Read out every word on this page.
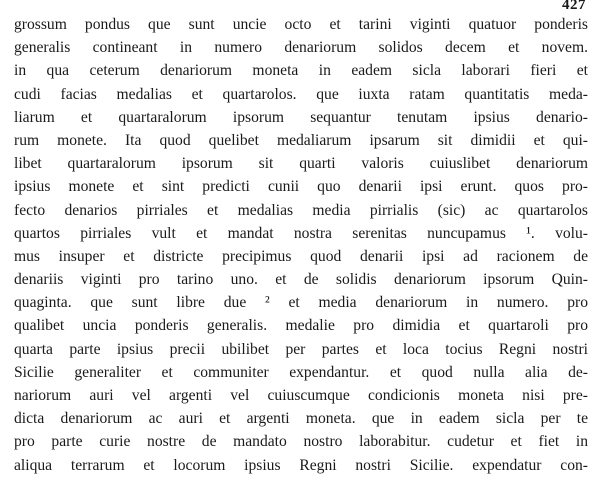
427
grossum pondus que sunt uncie octo et tarini viginti quatuor ponderis
generalis contineant in numero denariorum solidos decem et novem.
in qua ceterum denariorum moneta in eadem sicla laborari fieri et
cudi facias medalias et quartarolos. que iuxta ratam quantitatis meda-
liarum et quartaralorum ipsorum sequantur tenutam ipsius denario-
rum monete. Ita quod quelibet medaliarum ipsarum sit dimidii et qui-
libet quartaralorum ipsorum sit quarti valoris cuiuslibet denariorum
ipsius monete et sint predicti cunii quo denarii ipsi erunt. quos pro-
fecto denarios pirriales et medalias media pirrialis (sic) ac quartarolos
quartos pirriales vult et mandat nostra serenitas nuncupamus ¹. volu-
mus insuper et districte precipimus quod denarii ipsi ad racionem de
denariis viginti pro tarino uno. et de solidis denariorum ipsorum Quin-
quaginta. que sunt libre due ² et media denariorum in numero. pro
qualibet uncia ponderis generalis. medalie pro dimidia et quartaroli pro
quarta parte ipsius precii ubilibet per partes et loca tocius Regni nostri
Sicilie generaliter et communiter expendantur. et quod nulla alia de-
nariorum auri vel argenti vel cuiuscumque condicionis moneta nisi pre-
dicta denariorum ac auri et argenti moneta. que in eadem sicla per te
pro parte curie nostre de mandato nostro laborabitur. cudetur et fiet in
aliqua terrarum et locorum ipsius Regni nostri Sicilie. expendatur con-
